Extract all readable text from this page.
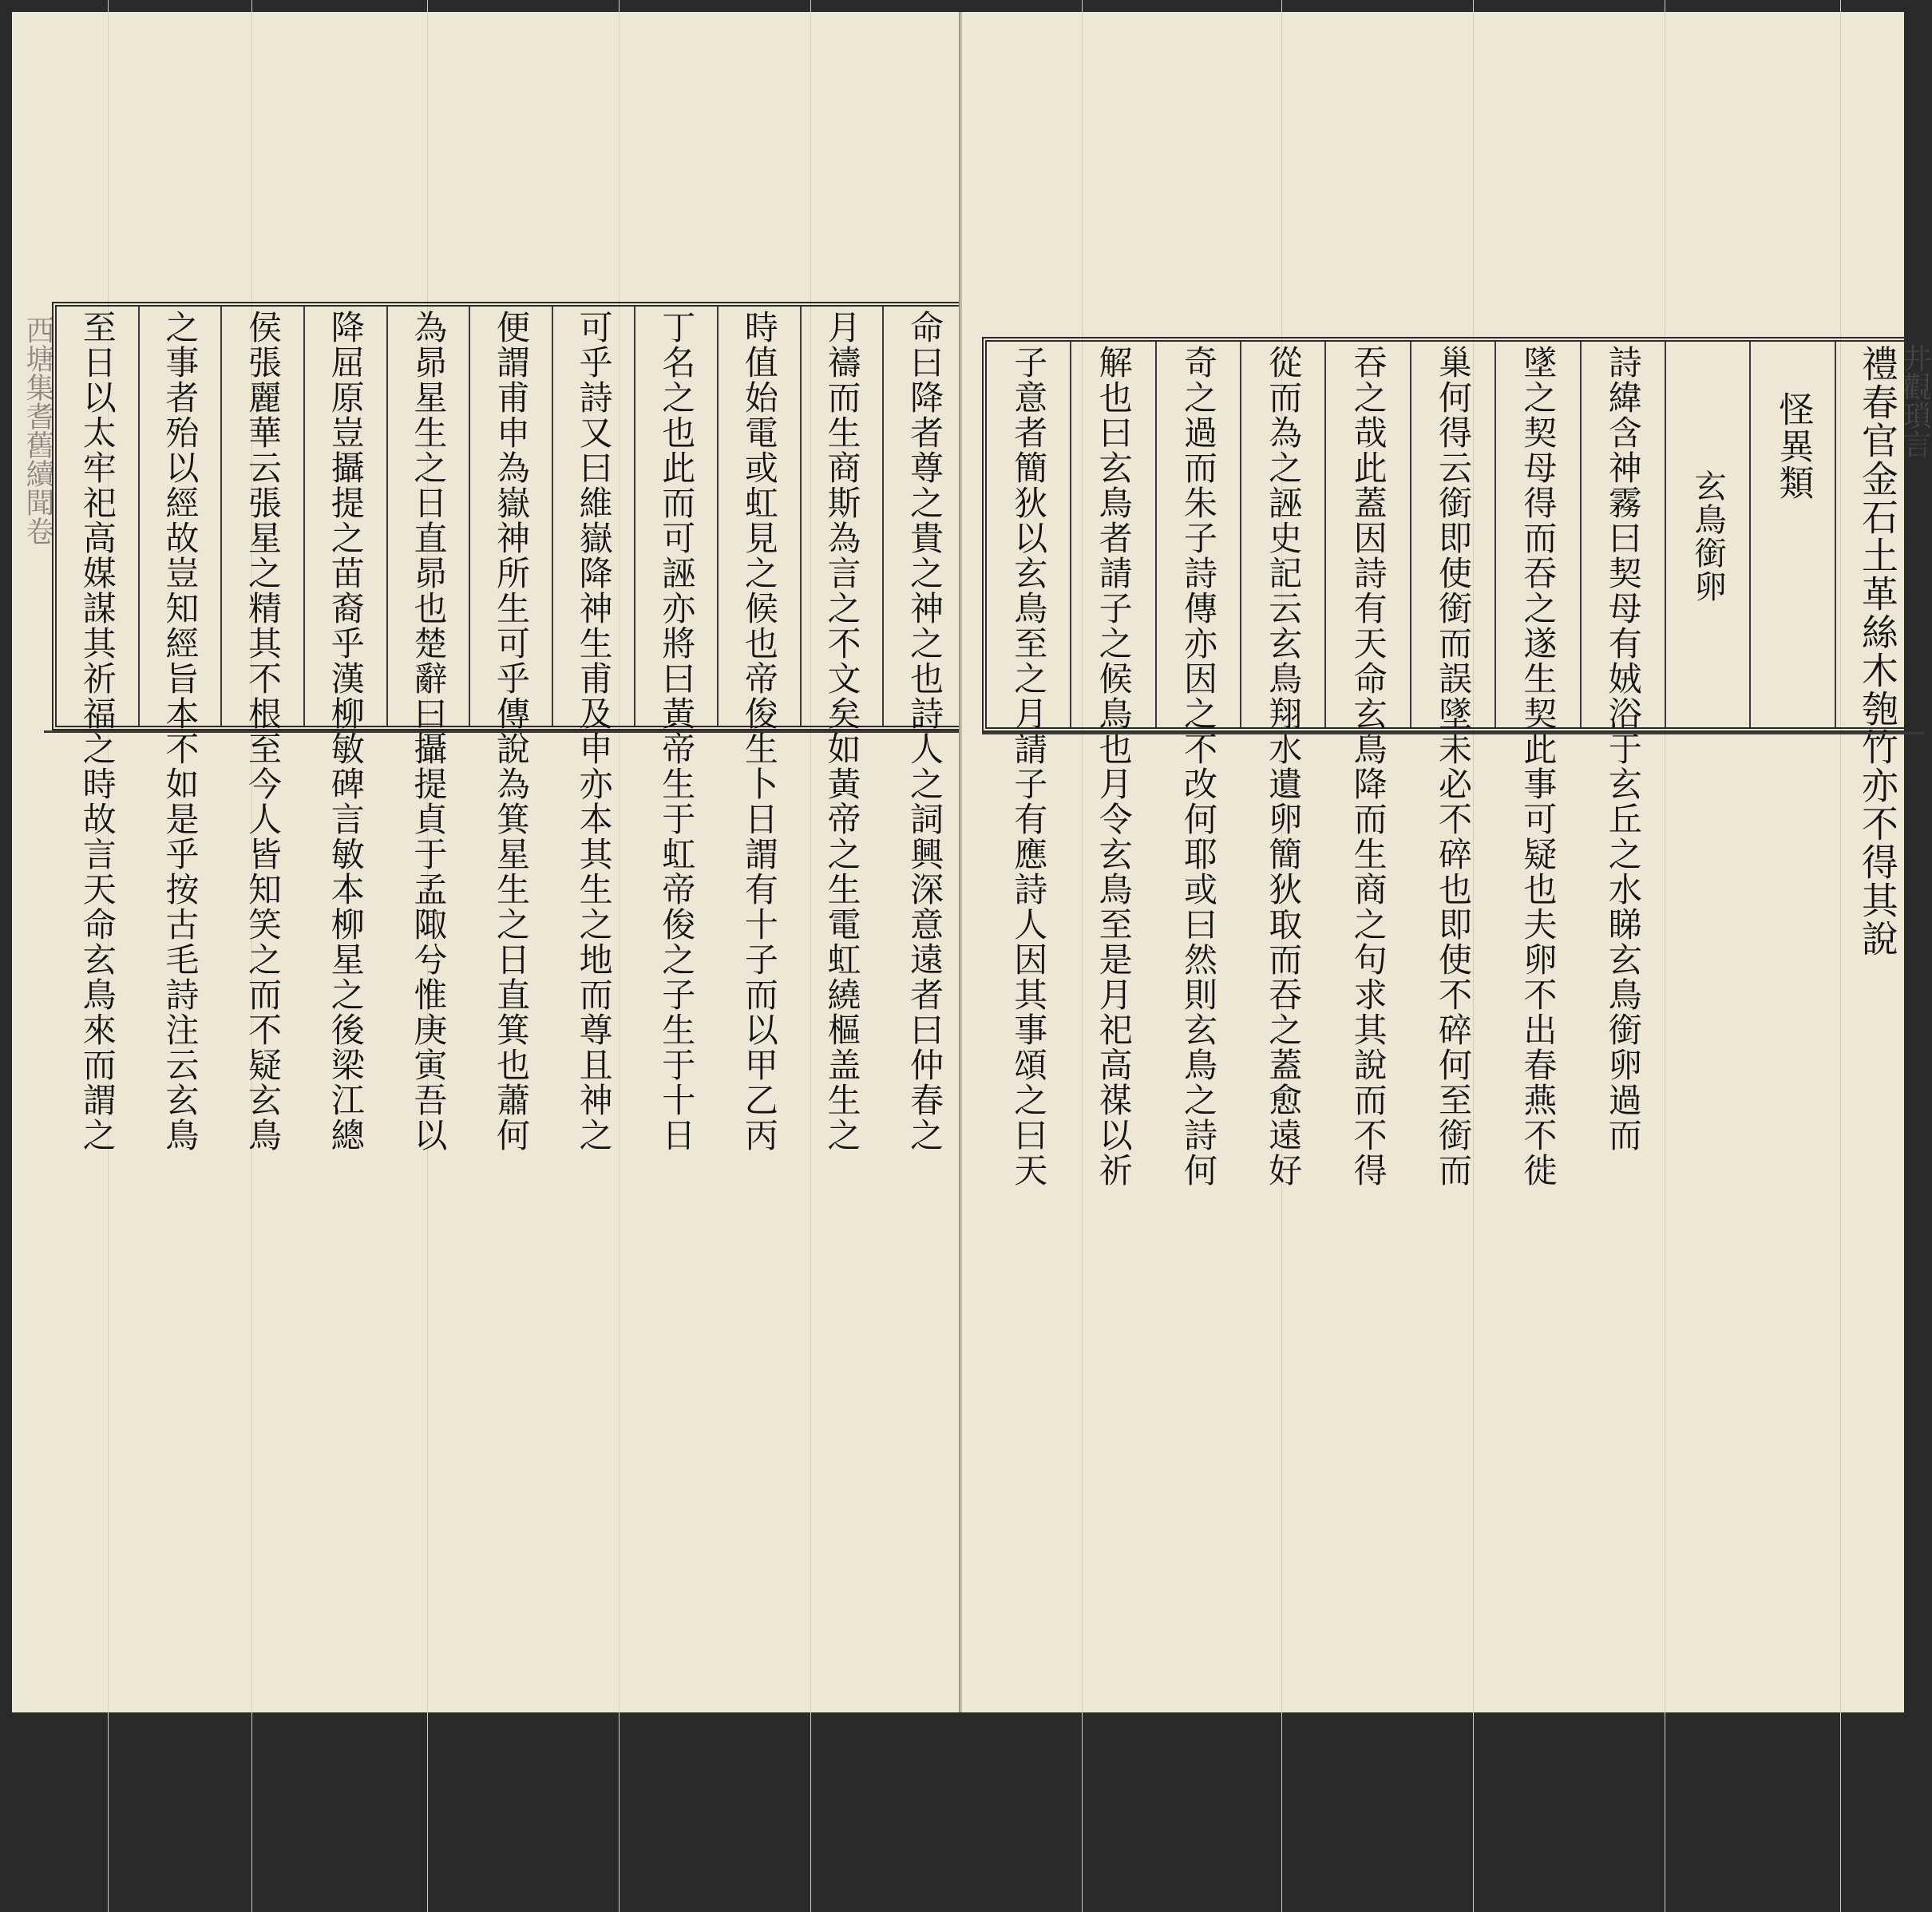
西塘集耆舊續聞卷	命曰降者尊之貴之神之也詩人之詞興深意遠者曰仲春之
月禱而生商斯為言之不文矣如黃帝之生電虹繞樞盖生之
時值始電或虹見之候也帝俊生卜日謂有十子而以甲乙丙
丁名之也此而可誣亦將曰黃帝生于虹帝俊之子生于十日
可乎詩又曰維嶽降神生甫及申亦本其生之地而尊且神之
便謂甫申為嶽神所生可乎傳說為箕星生之日直箕也蕭何
為昴星生之日直昴也楚辭曰攝提貞于孟陬兮惟庚寅吾以
降屈原豈攝提之苗裔乎漢柳敏碑言敏本柳星之後梁江總
侯張麗華云張星之精其不根至今人皆知笑之而不疑玄鳥
之事者殆以經故豈知經旨本不如是乎按古毛詩注云玄鳥
至日以太牢祀高媒謀其祈福之時故言天命玄鳥來而謂之	井觀瑣言
禮春官金石土革絲木匏竹亦不得其說
怪異類
玄鳥銜卵
詩緯含神霧曰契母有娀浴于玄丘之水睇玄鳥銜卵過而
墜之契母得而吞之遂生契此事可疑也夫卵不出春燕不徙
巢何得云銜即使銜而誤墜未必不碎也即使不碎何至銜而
吞之哉此蓋因詩有天命玄鳥降而生商之句求其說而不得
從而為之誣史記云玄鳥翔水遺卵簡狄取而吞之蓋愈遠好
奇之過而朱子詩傳亦因之不改何耶或曰然則玄鳥之詩何
解也曰玄鳥者請子之候鳥也月令玄鳥至是月祀高禖以祈
子意者簡狄以玄鳥至之月請子有應詩人因其事頌之曰天
